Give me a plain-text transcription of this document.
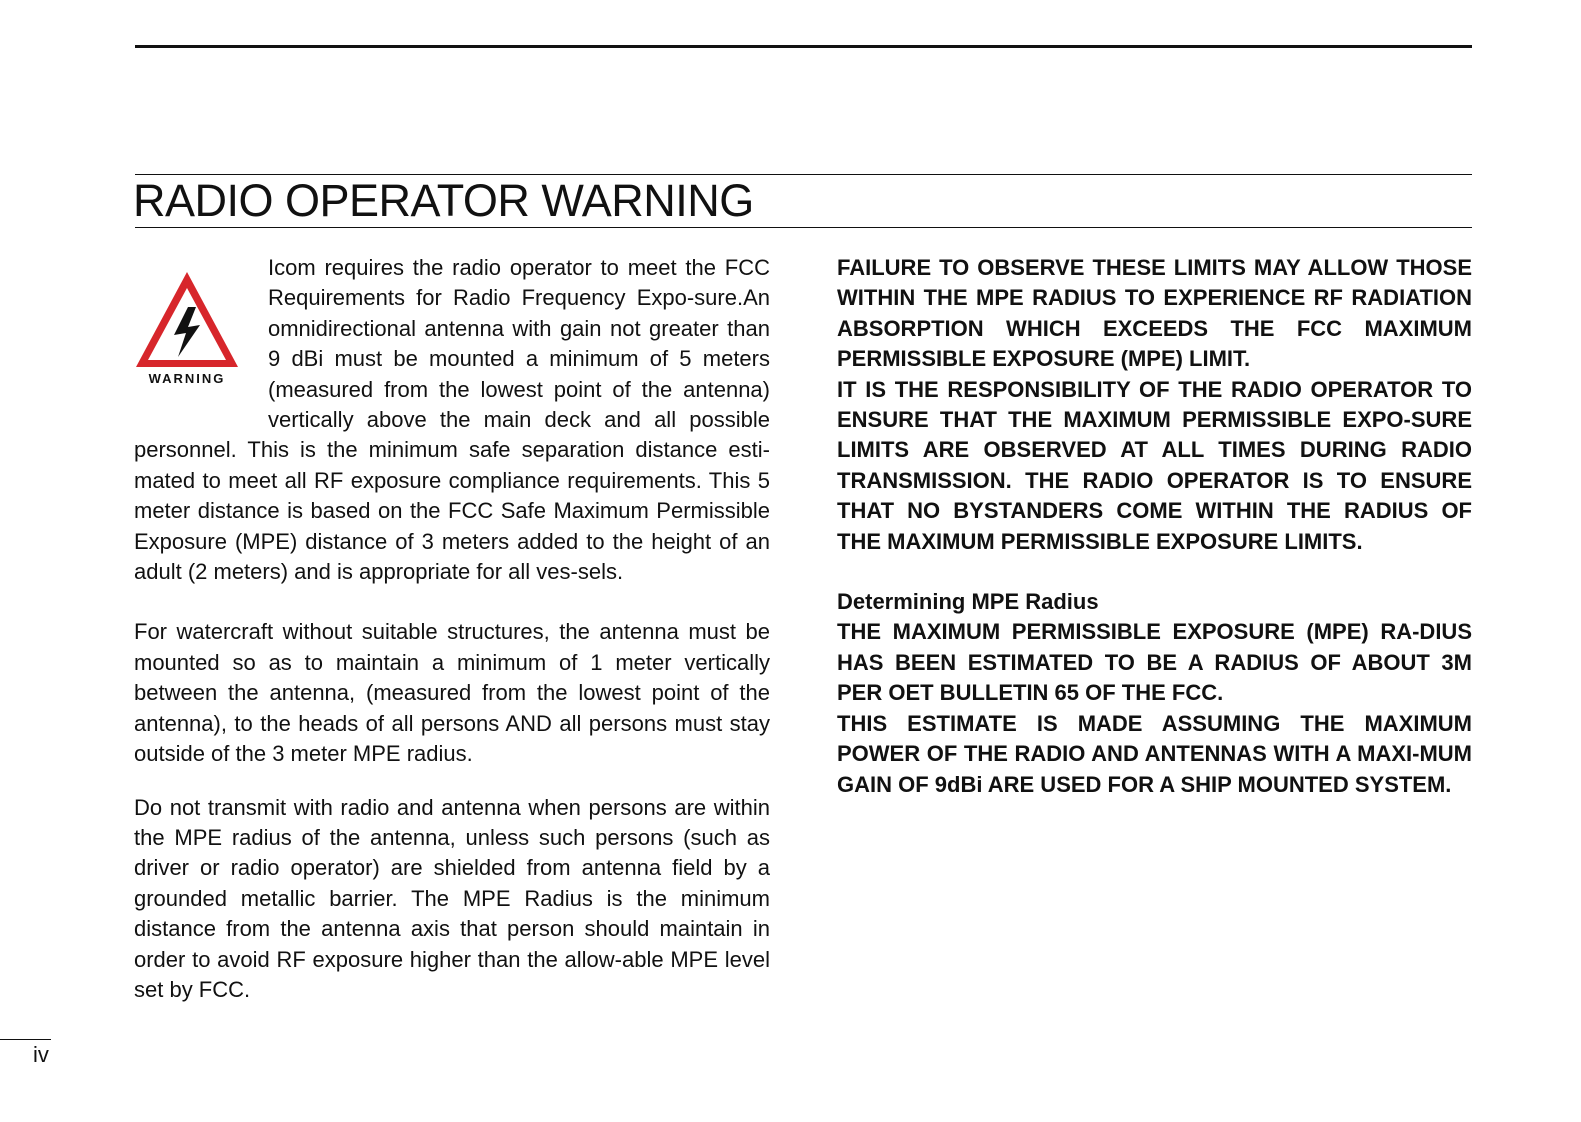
RADIO OPERATOR WARNING
WARNING

Icom requires the radio operator to meet the FCC Requirements for Radio Frequency Expo-sure.An omnidirectional antenna with gain not greater than 9 dBi must be mounted a minimum of 5 meters (measured from the lowest point of the antenna) vertically above the main deck and all possible personnel. This is the minimum safe separation distance esti-mated to meet all RF exposure compliance requirements. This 5 meter distance is based on the FCC Safe Maximum Permissible Exposure (MPE) distance of 3 meters added to the height of an adult (2 meters) and is appropriate for all ves-sels.

For watercraft without suitable structures, the antenna must be mounted so as to maintain a minimum of 1 meter vertically between the antenna, (measured from the lowest point of the antenna), to the heads of all persons AND all persons must stay outside of the 3 meter MPE radius.

Do not transmit with radio and antenna when persons are within the MPE radius of the antenna, unless such persons (such as driver or radio operator) are shielded from antenna field by a grounded metallic barrier. The MPE Radius is the minimum distance from the antenna axis that person should maintain in order to avoid RF exposure higher than the allow-able MPE level set by FCC.

FAILURE TO OBSERVE THESE LIMITS MAY ALLOW THOSE WITHIN THE MPE RADIUS TO EXPERIENCE RF RADIATION ABSORPTION WHICH EXCEEDS THE FCC MAXIMUM PERMISSIBLE EXPOSURE (MPE) LIMIT.

IT IS THE RESPONSIBILITY OF THE RADIO OPERATOR TO ENSURE THAT THE MAXIMUM PERMISSIBLE EXPO-SURE LIMITS ARE OBSERVED AT ALL TIMES DURING RADIO TRANSMISSION. THE RADIO OPERATOR IS TO ENSURE THAT NO BYSTANDERS COME WITHIN THE RADIUS OF THE MAXIMUM PERMISSIBLE EXPOSURE LIMITS.

Determining MPE Radius

THE MAXIMUM PERMISSIBLE EXPOSURE (MPE) RA-DIUS HAS BEEN ESTIMATED TO BE A RADIUS OF ABOUT 3M PER OET BULLETIN 65 OF THE FCC.

THIS ESTIMATE IS MADE ASSUMING THE MAXIMUM POWER OF THE RADIO AND ANTENNAS WITH A MAXI-MUM GAIN OF 9dBi ARE USED FOR A SHIP MOUNTED SYSTEM.

iv
